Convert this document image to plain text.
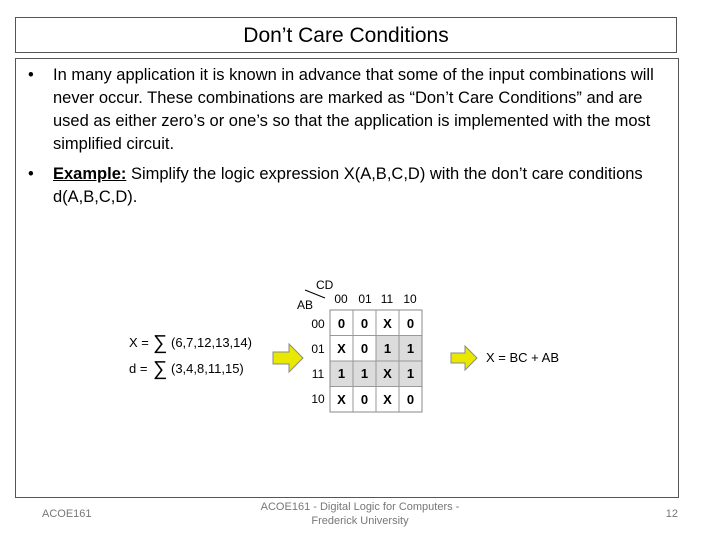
Don’t Care Conditions
• In many application it is known in advance that some of the input combinations will never occur. These combinations are marked as “Don’t Care Conditions” and are used as either zero’s or one’s so that the application is implemented with the most simplified circuit.
• Example: Simplify the logic expression X(A,B,C,D) with the don’t care conditions d(A,B,C,D).
X = ∑ (6,7,12,13,14)
d = ∑ (3,4,8,11,15)
CD
AB 00 01 11 10
00
01
11
10
0 0 X 0
X 0 1 1
1 1 X 1
X 0 X 0
X = BC + AB
ACOE161
ACOE161 - Digital Logic for Computers -
Frederick University
12
